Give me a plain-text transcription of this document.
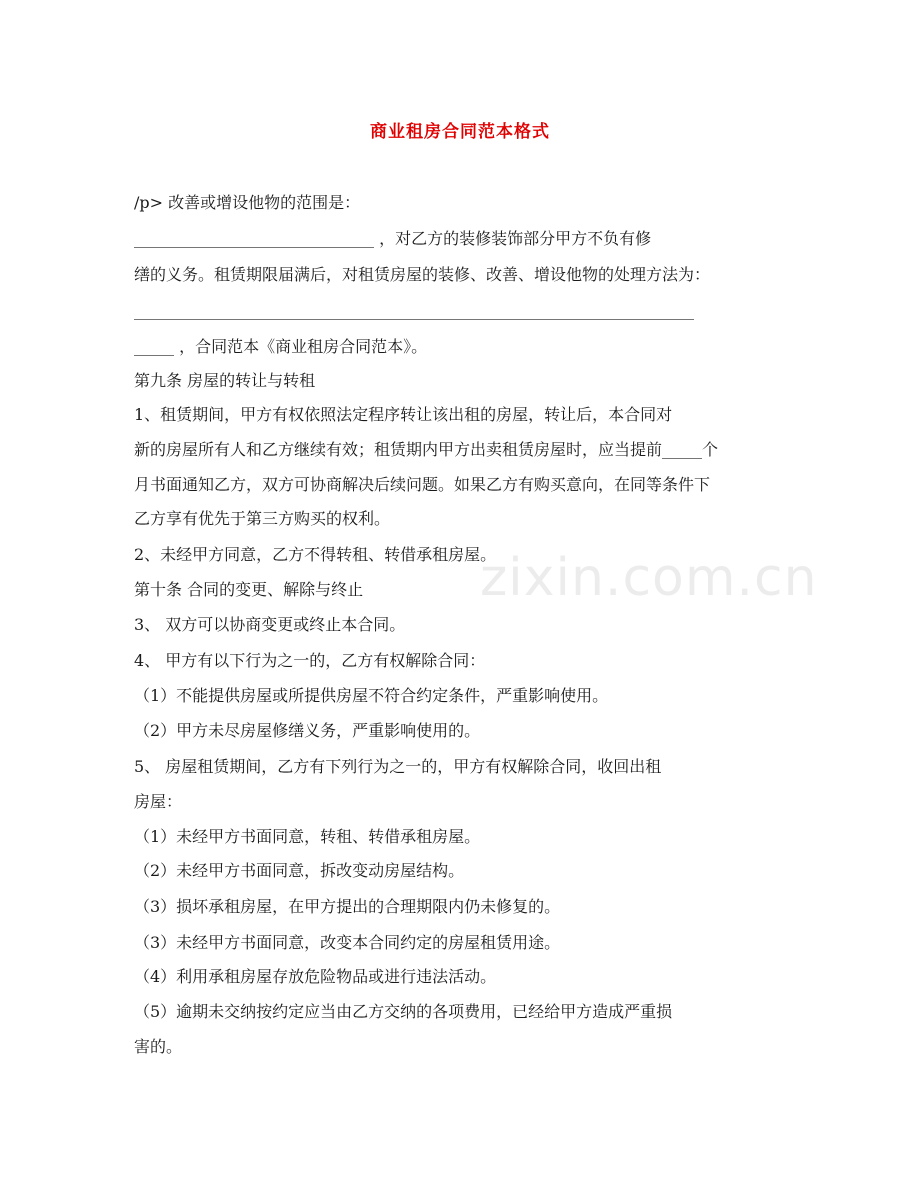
商业租房合同范本格式
zixin.com.cn
/p> 改善或增设他物的范围是：
______________________________ ，对乙方的装修装饰部分甲方不负有修
缮的义务。租赁期限届满后，对租赁房屋的装修、改善、增设他物的处理方法为：
______________________________________________________________________
_____ ，合同范本《商业租房合同范本》。
第九条 房屋的转让与转租
1、租赁期间，甲方有权依照法定程序转让该出租的房屋，转让后，本合同对
新的房屋所有人和乙方继续有效；租赁期内甲方出卖租赁房屋时，应当提前_____个
月书面通知乙方，双方可协商解决后续问题。如果乙方有购买意向，在同等条件下
乙方享有优先于第三方购买的权利。
2、未经甲方同意，乙方不得转租、转借承租房屋。
第十条 合同的变更、解除与终止
3、 双方可以协商变更或终止本合同。
4、 甲方有以下行为之一的，乙方有权解除合同：
（1）不能提供房屋或所提供房屋不符合约定条件，严重影响使用。
（2）甲方未尽房屋修缮义务，严重影响使用的。
5、 房屋租赁期间，乙方有下列行为之一的，甲方有权解除合同，收回出租
房屋：
（1）未经甲方书面同意，转租、转借承租房屋。
（2）未经甲方书面同意，拆改变动房屋结构。
（3）损坏承租房屋，在甲方提出的合理期限内仍未修复的。
（3）未经甲方书面同意，改变本合同约定的房屋租赁用途。
（4）利用承租房屋存放危险物品或进行违法活动。
（5）逾期未交纳按约定应当由乙方交纳的各项费用，已经给甲方造成严重损
害的。
